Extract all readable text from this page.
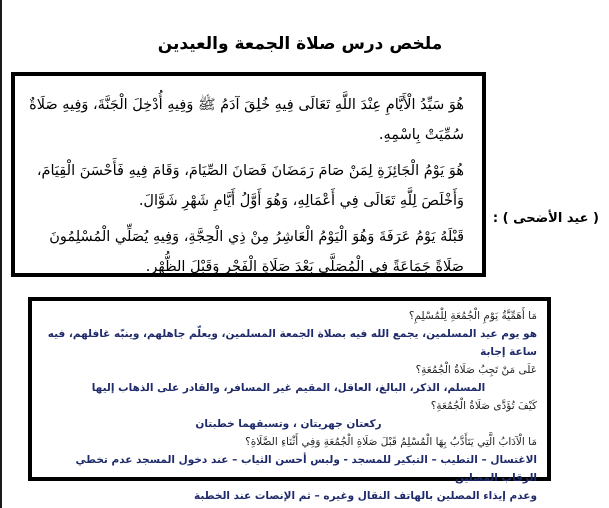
ملخص درس صلاة الجمعة والعيدين

هُوَ سَيِّدُ الْأَيَّامِ عِنْدَ اللَّهِ تَعَالَى فِيهِ خُلِقَ آدَمُ ﷺ وَفِيهِ أُدْخِلَ الْجَنَّةَ، وَفِيهِ صَلَاةٌ سُمِّيَتْ بِاسْمِهِ.

هُوَ يَوْمُ الْجَائِزَةِ لِمَنْ صَامَ رَمَضَانَ فَصَانَ الصِّيَامَ، وَقَامَ فِيهِ فَأَحْسَنَ الْقِيَامَ، وَأَخْلَصَ لِلَّهِ تَعَالَى فِي أَعْمَالِهِ، وَهُوَ أَوَّلُ أَيَّامِ شَهْرِ شَوَّالَ.

قَبْلَهُ يَوْمُ عَرَفَةَ وَهُوَ الْيَوْمُ الْعَاشِرُ مِنْ ذِي الْحِجَّةِ، وَفِيهِ يُصَلِّي الْمُسْلِمُونَ صَلَاةً جَمَاعَةً فِي الْمُصَلَّى بَعْدَ صَلَاةِ الْفَجْرِ وَقَبْلَ الظُّهْرِ.

( عيد الأضحى ) :
مَا أَهَمِّيَّةُ يَوْمِ الْجُمُعَةِ لِلْمُسْلِمِ؟
هو يوم عيد المسلمين، يجمع الله فيه بصلاة الجمعة المسلمين، ويعلّم جاهلهم، وينبّه غافلهم، فيه ساعة إجابة
عَلَى مَنْ تَجِبُ صَلَاةُ الْجُمُعَةِ؟
المسلم، الذكر، البالغ، العاقل، المقيم غير المسافر، والقادر على الذهاب إليها
كَيْفَ تُؤَدَّى صَلَاةُ الْجُمُعَةِ؟
ركعتان جهريتان ، وتسبقهما خطبتان
مَا الْآدَابُ الَّتِي يَتَأَدَّبُ بِهَا الْمُسْلِمُ قَبْلَ صَلَاةِ الْجُمُعَةِ وَفِي أَثْنَاءِ الصَّلَاةِ؟
الاغتسال – التطيب – التبكير للمسجد - ولبس أحسن الثياب – عند دخول المسجد عدم تخطي الرقاب المصلين
وعدم إيذاء المصلين بالهاتف النقال وغيره – ثم الإنصات عند الخطبة
